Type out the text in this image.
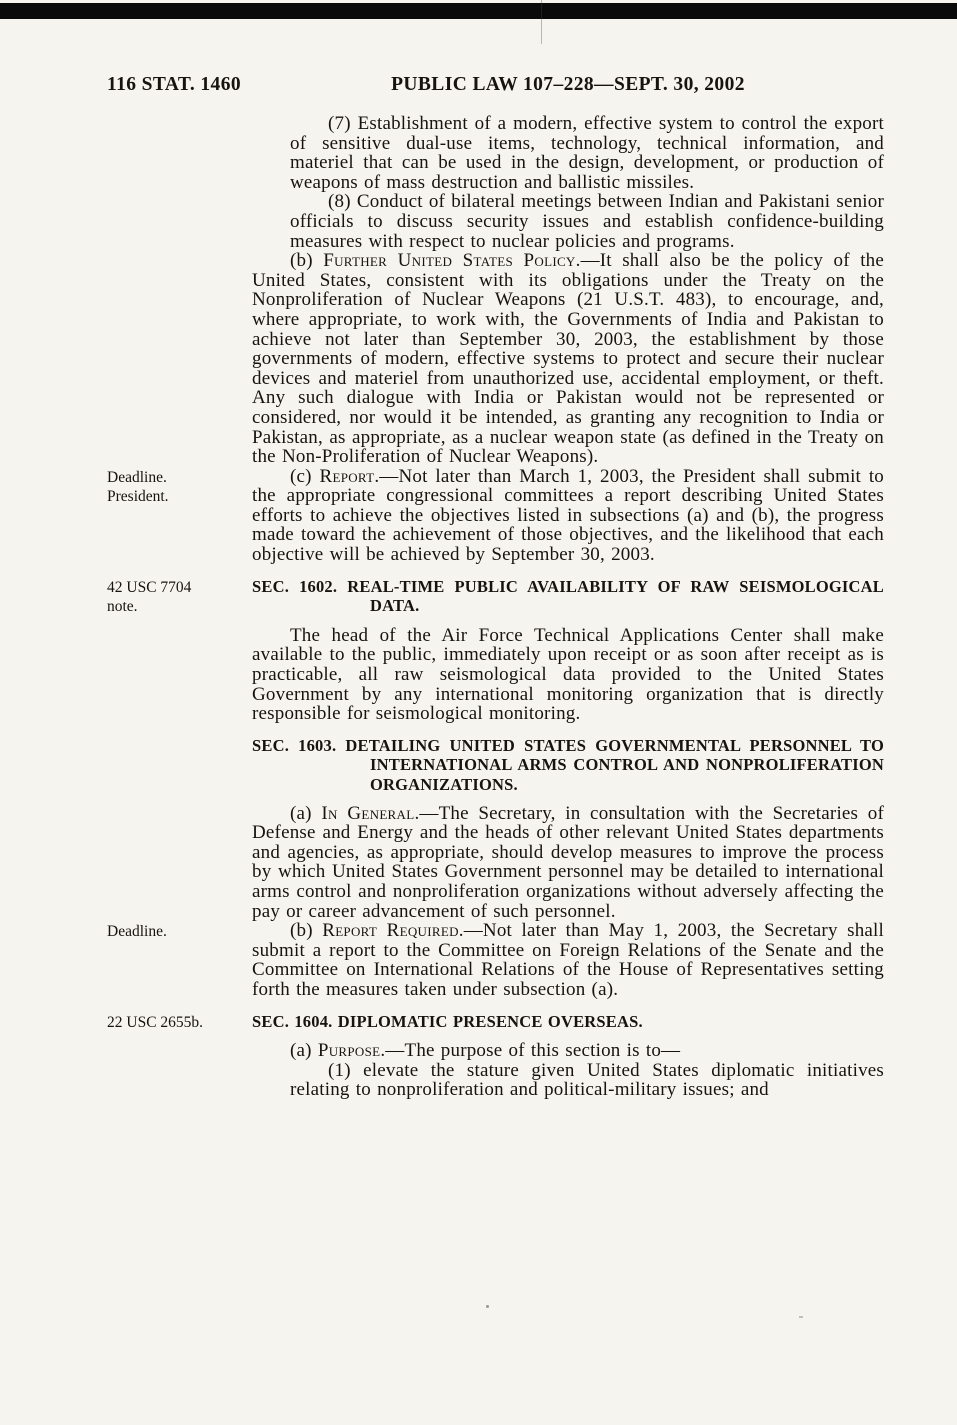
116 STAT. 1460	PUBLIC LAW 107–228—SEPT. 30, 2002

(7) Establishment of a modern, effective system to control the export of sensitive dual-use items, technology, technical information, and materiel that can be used in the design, development, or production of weapons of mass destruction and ballistic missiles.

(8) Conduct of bilateral meetings between Indian and Pakistani senior officials to discuss security issues and establish confidence-building measures with respect to nuclear policies and programs.

(b) Further United States Policy.—It shall also be the policy of the United States, consistent with its obligations under the Treaty on the Nonproliferation of Nuclear Weapons (21 U.S.T. 483), to encourage, and, where appropriate, to work with, the Governments of India and Pakistan to achieve not later than September 30, 2003, the establishment by those governments of modern, effective systems to protect and secure their nuclear devices and materiel from unauthorized use, accidental employment, or theft. Any such dialogue with India or Pakistan would not be represented or considered, nor would it be intended, as granting any recognition to India or Pakistan, as appropriate, as a nuclear weapon state (as defined in the Treaty on the Non-Proliferation of Nuclear Weapons).

Deadline.
President.

(c) Report.—Not later than March 1, 2003, the President shall submit to the appropriate congressional committees a report describing United States efforts to achieve the objectives listed in subsections (a) and (b), the progress made toward the achievement of those objectives, and the likelihood that each objective will be achieved by September 30, 2003.

42 USC 7704
note.
SEC. 1602. REAL-TIME PUBLIC AVAILABILITY OF RAW SEISMOLOGICAL DATA.

The head of the Air Force Technical Applications Center shall make available to the public, immediately upon receipt or as soon after receipt as is practicable, all raw seismological data provided to the United States Government by any international monitoring organization that is directly responsible for seismological monitoring.

SEC. 1603. DETAILING UNITED STATES GOVERNMENTAL PERSONNEL TO INTERNATIONAL ARMS CONTROL AND NONPROLIFERATION ORGANIZATIONS.

(a) In General.—The Secretary, in consultation with the Secretaries of Defense and Energy and the heads of other relevant United States departments and agencies, as appropriate, should develop measures to improve the process by which United States Government personnel may be detailed to international arms control and nonproliferation organizations without adversely affecting the pay or career advancement of such personnel.

Deadline.	(b) Report Required.—Not later than May 1, 2003, the Secretary shall submit a report to the Committee on Foreign Relations of the Senate and the Committee on International Relations of the House of Representatives setting forth the measures taken under subsection (a).

22 USC 2655b.	SEC. 1604. DIPLOMATIC PRESENCE OVERSEAS.

(a) Purpose.—The purpose of this section is to—

(1) elevate the stature given United States diplomatic initiatives relating to nonproliferation and political-military issues; and
